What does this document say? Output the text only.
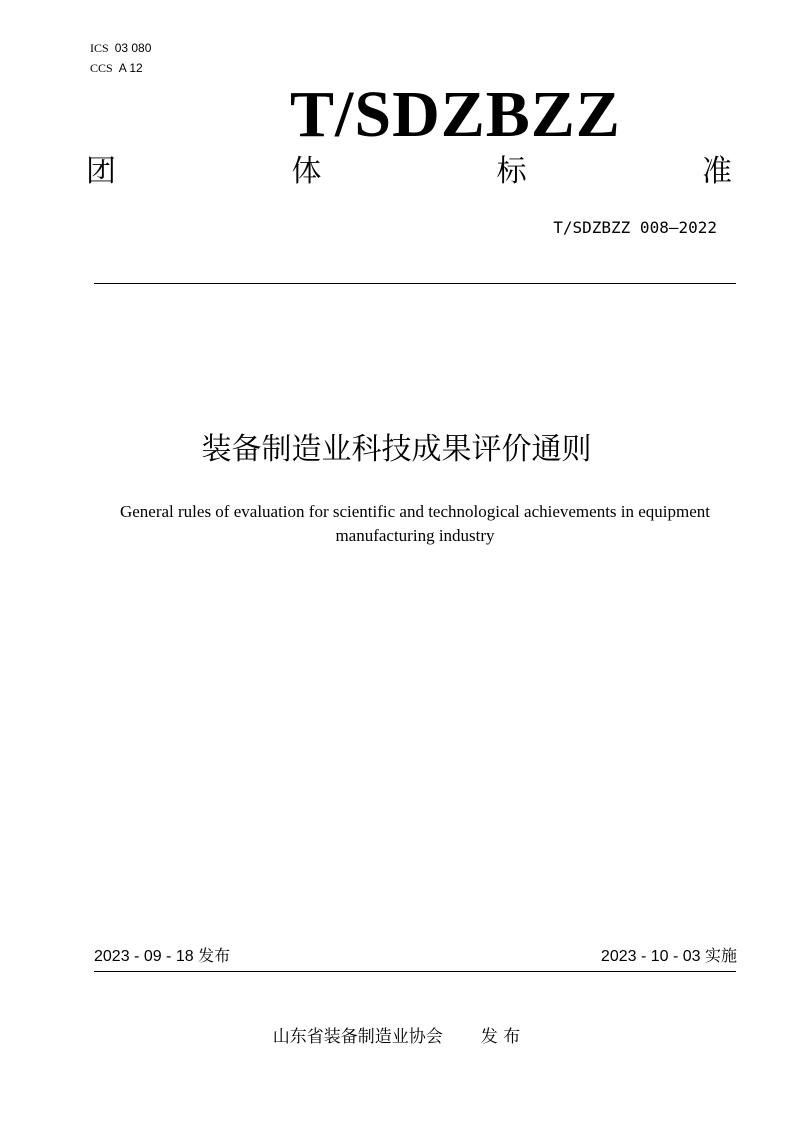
ICS 03 080
CCS A 12
T/SDZBZZ
团	体	标	准
T/SDZBZZ 008—2022
装备制造业科技成果评价通则
General rules of evaluation for scientific and technological achievements in equipment manufacturing industry
2023 - 09 - 18 发布	2023 - 10 - 03 实施
山东省装备制造业协会 发 布
